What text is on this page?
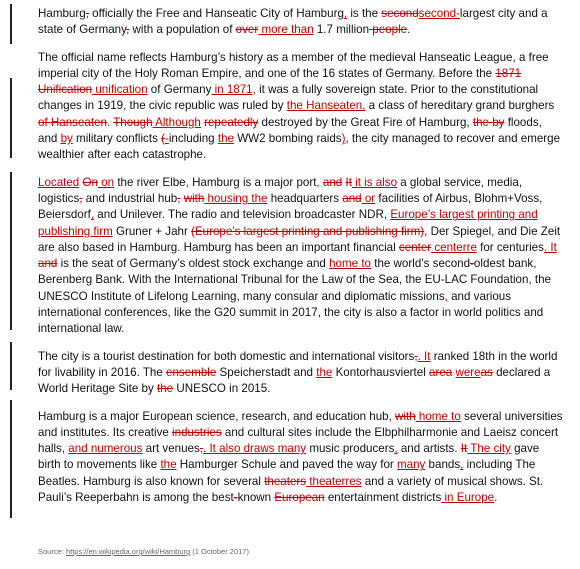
Hamburg, officially the Free and Hanseatic City of Hamburg, is the secondsecond-largest city and a state of Germany, with a population of over more than 1.7 million people.

The official name reflects Hamburg’s history as a member of the medieval Hanseatic League, a free imperial city of the Holy Roman Empire, and one of the 16 states of Germany. Before the 1871 Unification unification of Germany in 1871, it was a fully sovereign state. Prior to the constitutional changes in 1919, the civic republic was ruled by the Hanseaten, a class of hereditary grand burghers of Hanseaten. Though Although repeatedly destroyed by the Great Fire of Hamburg, the by floods, and by military conflicts (-including the WW2 bombing raids), the city managed to recover and emerge wealthier after each catastrophe.

Located On on the river Elbe, Hamburg is a major port, and It it is also a global service, media, logistics, and industrial hub, with housing the headquarters and or facilities of Airbus, Blohm+Voss, Beiersdorf, and Unilever. The radio and television broadcaster NDR, Europe’s largest printing and publishing firm Gruner + Jahr (Europe’s largest printing and publishing firm), Der Spiegel, and Die Zeit are also based in Hamburg. Hamburg has been an important financial center centerre for centuries. It and is the seat of Germany’s oldest stock exchange and home to the world’s second-oldest bank, Berenberg Bank. With the International Tribunal for the Law of the Sea, the EU-LAC Foundation, the UNESCO Institute of Lifelong Learning, many consular and diplomatic missions, and various international conferences, like the G20 summit in 2017, the city is also a factor in world politics and international law.

The city is a tourist destination for both domestic and international visitors,. It ranked 18th in the world for livability in 2016. The ensemble Speicherstadt and the Kontorhausviertel area wereas declared a World Heritage Site by the UNESCO in 2015.

Hamburg is a major European science, research, and education hub, with home to several universities and institutes. Its creative industries and cultural sites include the Elbphilharmonie and Laeisz concert halls, and numerous art venues,. It also draws many music producers, and artists. It The city gave birth to movements like the Hamburger Schule and paved the way for many bands, including The Beatles. Hamburg is also known for several theaters theaterres and a variety of musical shows. St. Pauli’s Reeperbahn is among the best-known European entertainment districts in Europe.

Source: https://en.wikipedia.org/wiki/Hamburg (1 October 2017)
